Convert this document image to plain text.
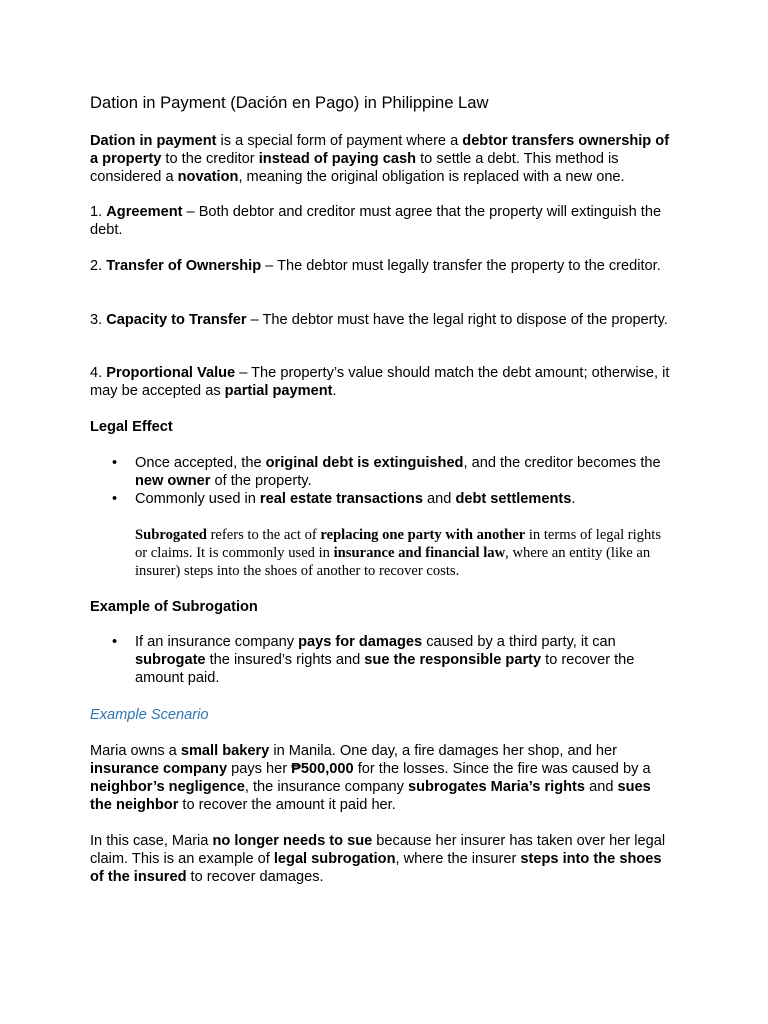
Dation in Payment (Dación en Pago) in Philippine Law

Dation in payment is a special form of payment where a debtor transfers ownership of a property to the creditor instead of paying cash to settle a debt. This method is considered a novation, meaning the original obligation is replaced with a new one.

1. Agreement – Both debtor and creditor must agree that the property will extinguish the debt.

2. Transfer of Ownership – The debtor must legally transfer the property to the creditor.

3. Capacity to Transfer – The debtor must have the legal right to dispose of the property.

4. Proportional Value – The property’s value should match the debt amount; otherwise, it may be accepted as partial payment.

Legal Effect

• Once accepted, the original debt is extinguished, and the creditor becomes the new owner of the property.
• Commonly used in real estate transactions and debt settlements.

Subrogated refers to the act of replacing one party with another in terms of legal rights or claims. It is commonly used in insurance and financial law, where an entity (like an insurer) steps into the shoes of another to recover costs.

Example of Subrogation

• If an insurance company pays for damages caused by a third party, it can subrogate the insured’s rights and sue the responsible party to recover the amount paid.

Example Scenario

Maria owns a small bakery in Manila. One day, a fire damages her shop, and her insurance company pays her ₱500,000 for the losses. Since the fire was caused by a neighbor’s negligence, the insurance company subrogates Maria’s rights and sues the neighbor to recover the amount it paid her.

In this case, Maria no longer needs to sue because her insurer has taken over her legal claim. This is an example of legal subrogation, where the insurer steps into the shoes of the insured to recover damages.
